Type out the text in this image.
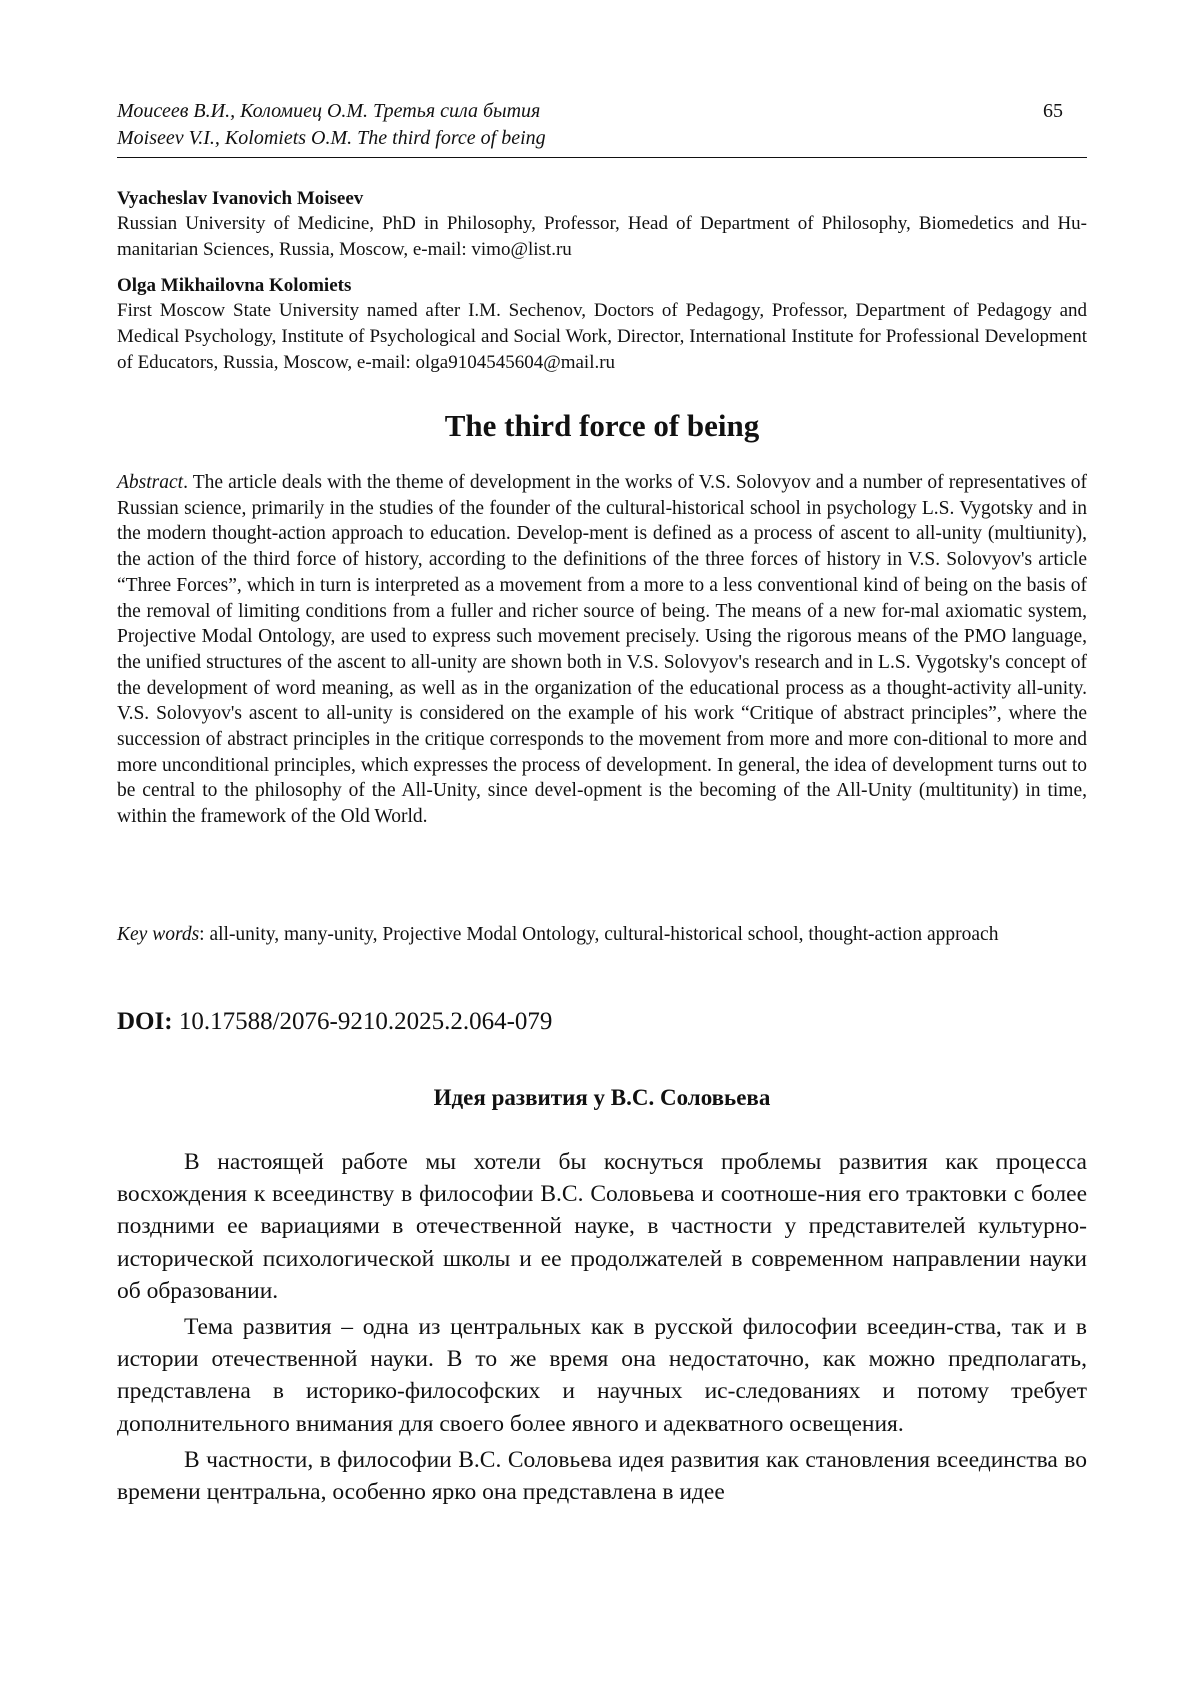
Моисеев В.И., Коломиец О.М. Третья сила бытия
Moiseev V.I., Kolomiets O.M. The third force of being
65
Vyacheslav Ivanovich Moiseev
Russian University of Medicine, PhD in Philosophy, Professor, Head of Department of Philosophy, Biomedetics and Hu-manitarian Sciences, Russia, Moscow, e-mail: vimo@list.ru
Olga Mikhailovna Kolomiets
First Moscow State University named after I.M. Sechenov, Doctors of Pedagogy, Professor, Department of Pedagogy and Medical Psychology, Institute of Psychological and Social Work, Director, International Institute for Professional Development of Educators, Russia, Moscow, e-mail: olga9104545604@mail.ru
The third force of being
Abstract. The article deals with the theme of development in the works of V.S. Solovyov and a number of representatives of Russian science, primarily in the studies of the founder of the cultural-historical school in psychology L.S. Vygotsky and in the modern thought-action approach to education. Develop-ment is defined as a process of ascent to all-unity (multiunity), the action of the third force of history, according to the definitions of the three forces of history in V.S. Solovyov's article “Three Forces”, which in turn is interpreted as a movement from a more to a less conventional kind of being on the basis of the removal of limiting conditions from a fuller and richer source of being. The means of a new for-mal axiomatic system, Projective Modal Ontology, are used to express such movement precisely. Using the rigorous means of the PMO language, the unified structures of the ascent to all-unity are shown both in V.S. Solovyov's research and in L.S. Vygotsky's concept of the development of word meaning, as well as in the organization of the educational process as a thought-activity all-unity. V.S. Solovyov's ascent to all-unity is considered on the example of his work “Critique of abstract principles”, where the succession of abstract principles in the critique corresponds to the movement from more and more con-ditional to more and more unconditional principles, which expresses the process of development. In general, the idea of development turns out to be central to the philosophy of the All-Unity, since devel-opment is the becoming of the All-Unity (multitunity) in time, within the framework of the Old World.
Key words: all-unity, many-unity, Projective Modal Ontology, cultural-historical school, thought-action approach
DOI: 10.17588/2076-9210.2025.2.064-079
Идея развития у В.С. Соловьева

В настоящей работе мы хотели бы коснуться проблемы развития как процесса восхождения к всеединству в философии В.С. Соловьева и соотноше-ния его трактовки с более поздними ее вариациями в отечественной науке, в частности у представителей культурно-исторической психологической школы и ее продолжателей в современном направлении науки об образовании.

Тема развития – одна из центральных как в русской философии всеедин-ства, так и в истории отечественной науки. В то же время она недостаточно, как можно предполагать, представлена в историко-философских и научных ис-следованиях и потому требует дополнительного внимания для своего более явного и адекватного освещения.

В частности, в философии В.С. Соловьева идея развития как становления всеединства во времени центральна, особенно ярко она представлена в идее
